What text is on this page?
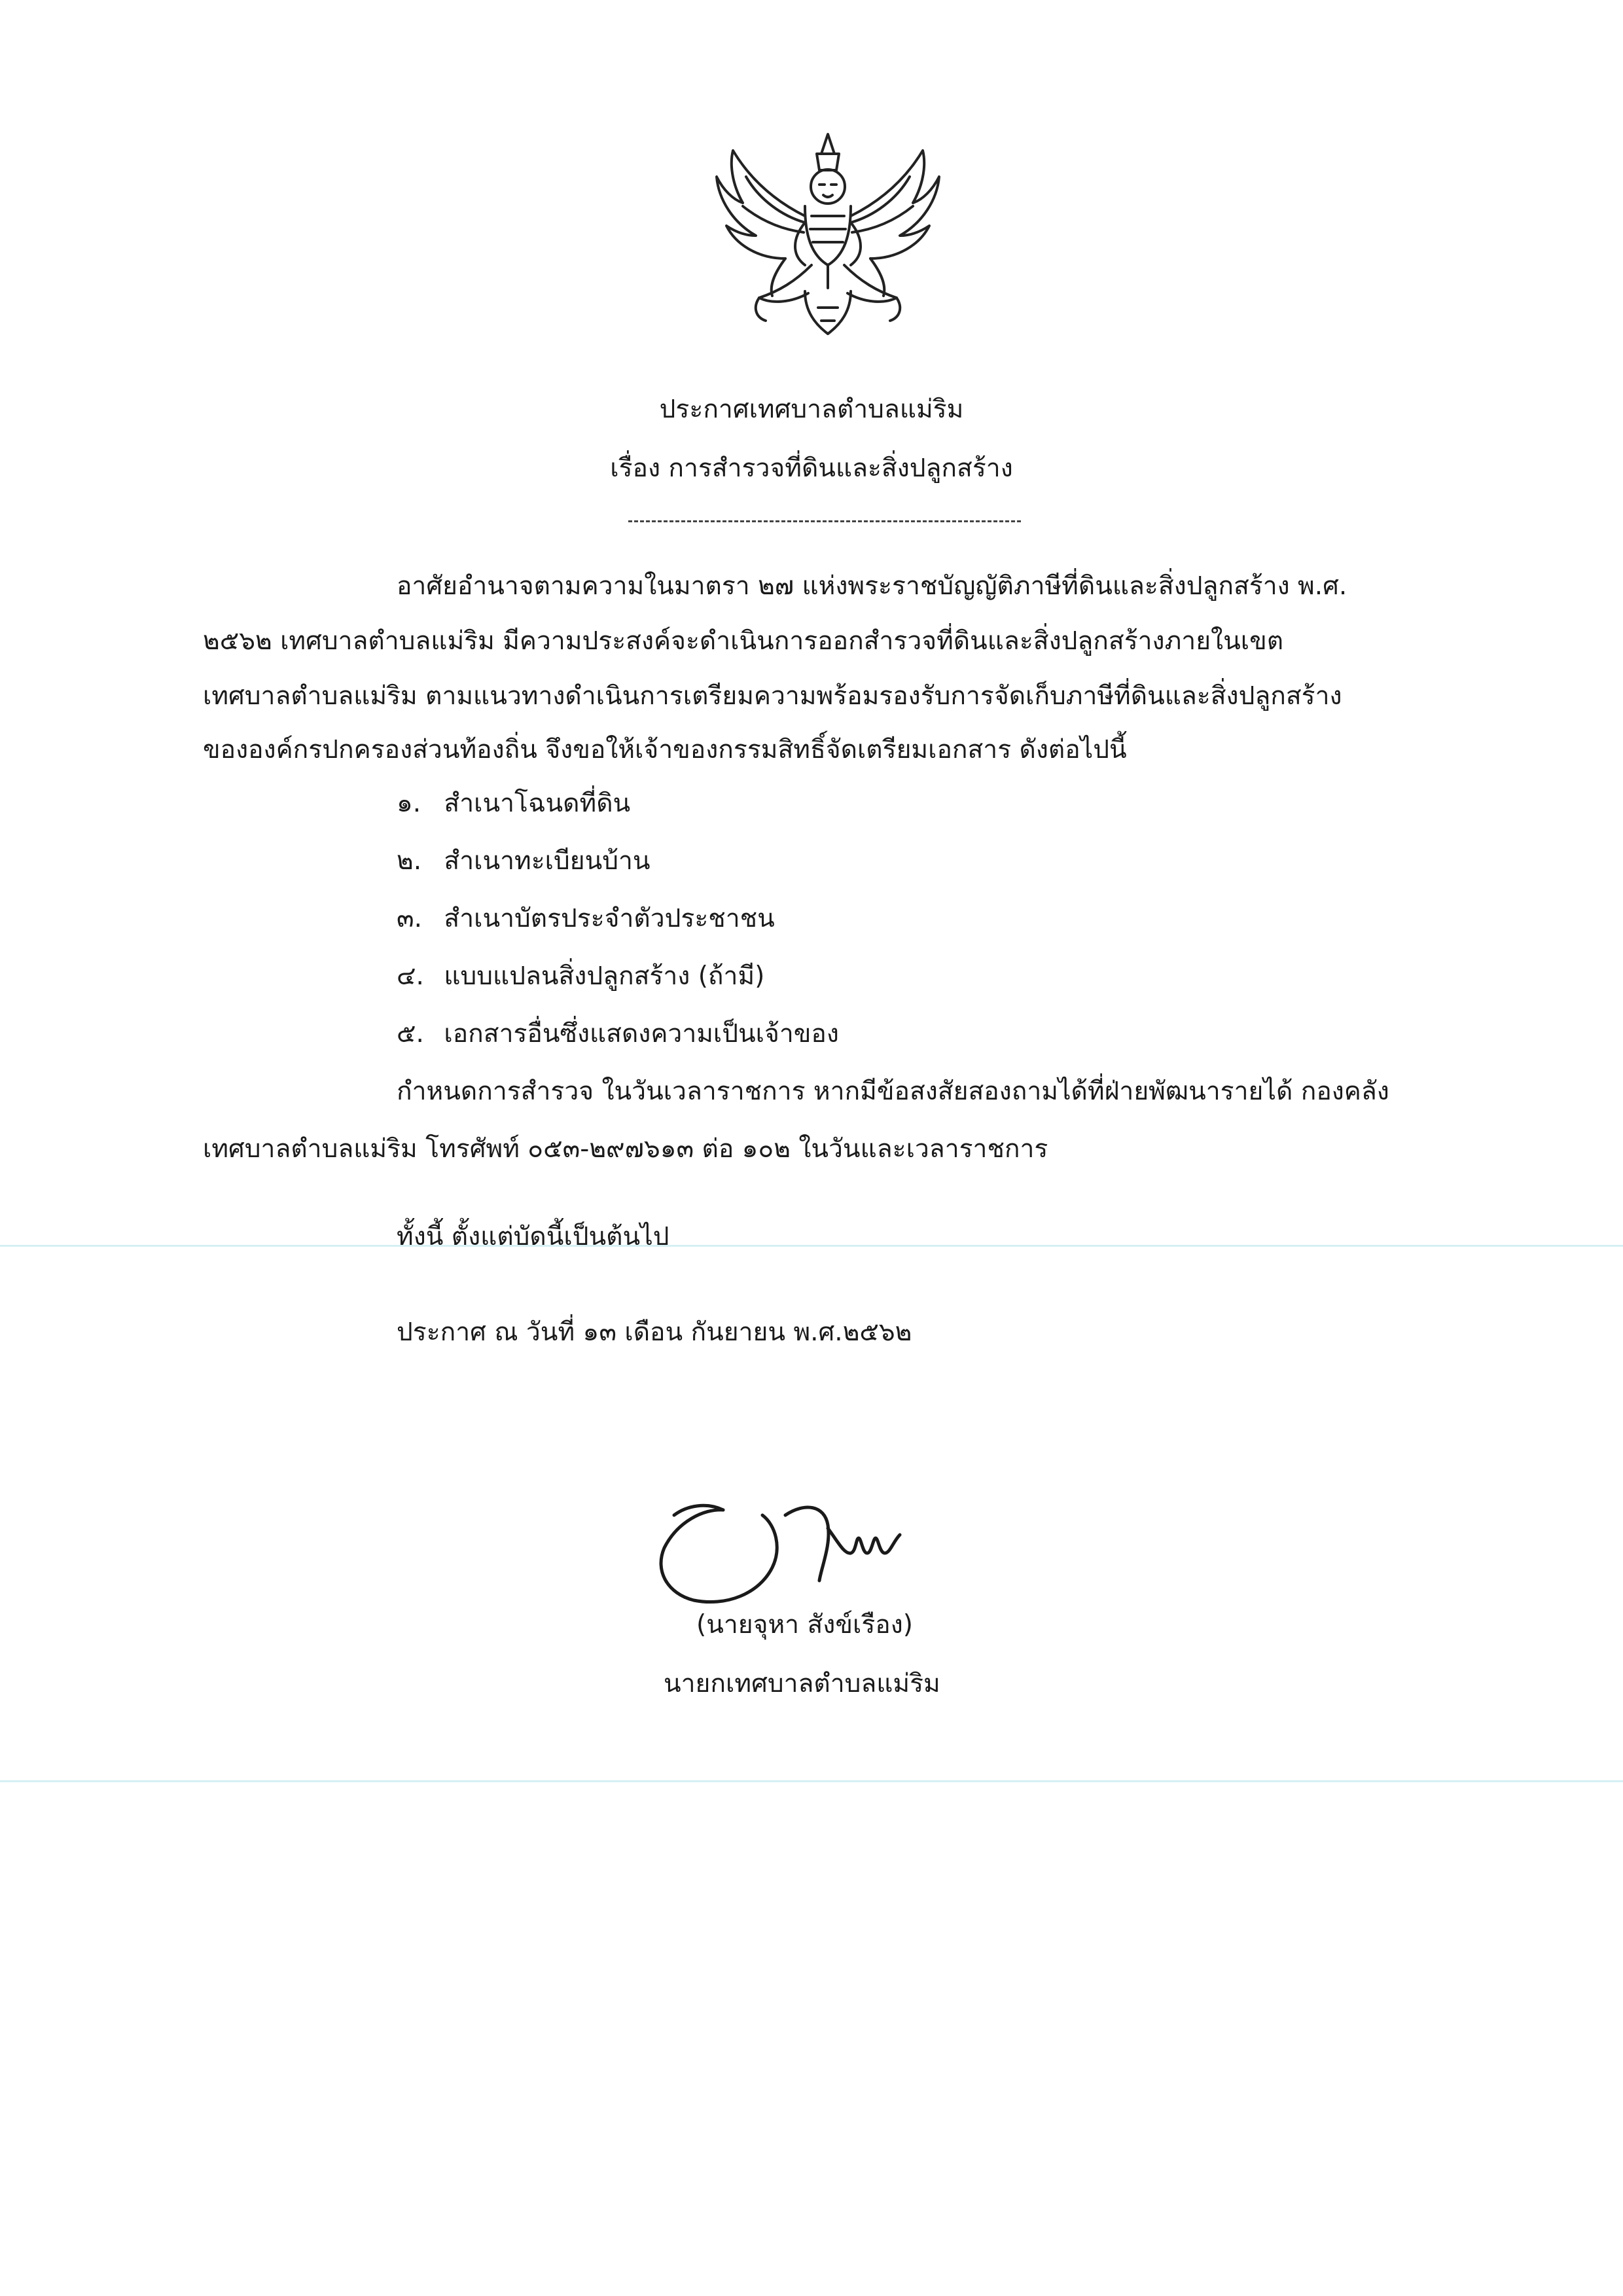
ประกาศเทศบาลตำบลแม่ริม
เรื่อง การสำรวจที่ดินและสิ่งปลูกสร้าง
อาศัยอำนาจตามความในมาตรา ๒๗ แห่งพระราชบัญญัติภาษีที่ดินและสิ่งปลูกสร้าง พ.ศ.
๒๕๖๒ เทศบาลตำบลแม่ริม มีความประสงค์จะดำเนินการออกสำรวจที่ดินและสิ่งปลูกสร้างภายในเขต
เทศบาลตำบลแม่ริม ตามแนวทางดำเนินการเตรียมความพร้อมรองรับการจัดเก็บภาษีที่ดินและสิ่งปลูกสร้าง
ขององค์กรปกครองส่วนท้องถิ่น จึงขอให้เจ้าของกรรมสิทธิ์จัดเตรียมเอกสาร ดังต่อไปนี้
๑. สำเนาโฉนดที่ดิน
๒. สำเนาทะเบียนบ้าน
๓. สำเนาบัตรประจำตัวประชาชน
๔. แบบแปลนสิ่งปลูกสร้าง (ถ้ามี)
๕. เอกสารอื่นซึ่งแสดงความเป็นเจ้าของ
กำหนดการสำรวจ ในวันเวลาราชการ หากมีข้อสงสัยสองถามได้ที่ฝ่ายพัฒนารายได้ กองคลัง
เทศบาลตำบลแม่ริม โทรศัพท์ ๐๕๓-๒๙๗๖๑๓ ต่อ ๑๐๒ ในวันและเวลาราชการ
ทั้งนี้ ตั้งแต่บัดนี้เป็นต้นไป
ประกาศ ณ วันที่ ๑๓ เดือน กันยายน พ.ศ.๒๕๖๒
(นายจุหา สังข์เรือง)
นายกเทศบาลตำบลแม่ริม
